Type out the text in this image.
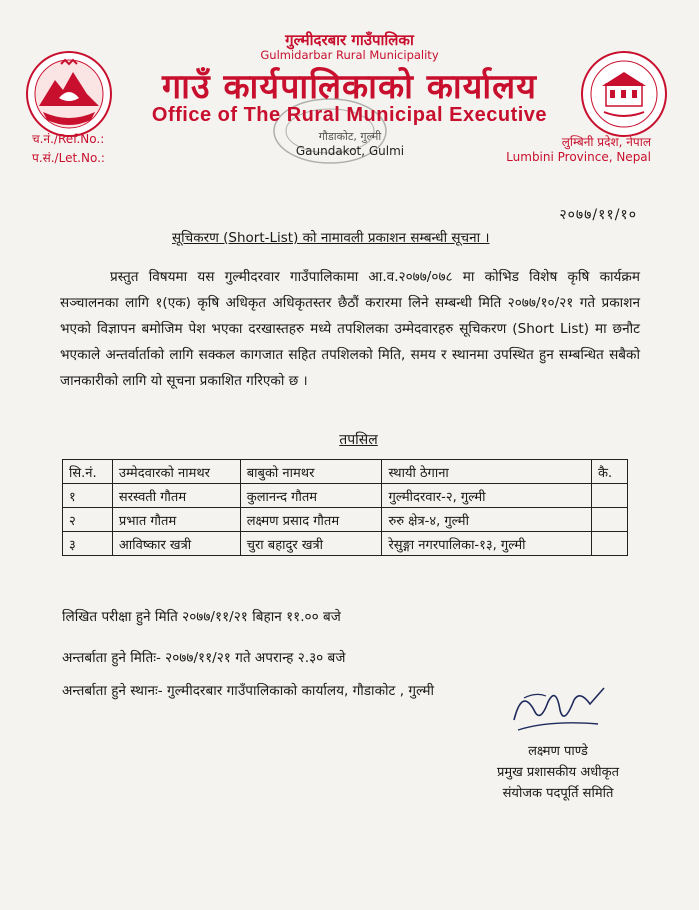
गुल्मीदरबार गाउँपालिका
Gulmidarbar Rural Municipality
गाउँ कार्यपालिकाको कार्यालय
Office of The Rural Municipal Executive
च.नं./Ref.No.:
प.सं./Let.No.:
गौडाकोट, गुल्मी
Gaundakot, Gulmi
लुम्बिनी प्रदेश, नेपाल
Lumbini Province, Nepal
२०७७/११/१०
सूचिकरण (Short-List) को नामावली प्रकाशन सम्बन्धी सूचना ।

प्रस्तुत विषयमा यस गुल्मीदरवार गाउँपालिकामा आ.व.२०७७/०७८ मा कोभिड विशेष कृषि कार्यक्रम सञ्चालनका लागि १(एक) कृषि अधिकृत अधिकृतस्तर छैठौं करारमा लिने सम्बन्धी मिति २०७७/१०/२१ गते प्रकाशन भएको विज्ञापन बमोजिम पेश भएका दरखास्तहरु मध्ये तपशिलका उम्मेदवारहरु सूचिकरण (Short List) मा छनौट भएकाले अन्तर्वार्ताको लागि सक्कल कागजात सहित तपशिलको मिति, समय र स्थानमा उपस्थित हुन सम्बन्धित सबैको जानकारीको लागि यो सूचना प्रकाशित गरिएको छ ।

तपसिल
सि.नं.	उम्मेदवारको नामथर	बाबुको नामथर	स्थायी ठेगाना	कै.
१	सरस्वती गौतम	कुलानन्द गौतम	गुल्मीदरवार-२, गुल्मी	
२	प्रभात गौतम	लक्ष्मण प्रसाद गौतम	रुरु क्षेत्र-४, गुल्मी	
३	आविष्कार खत्री	चुरा बहादुर खत्री	रेसुङ्गा नगरपालिका-१३, गुल्मी	
लिखित परीक्षा हुने मिति २०७७/११/२१ बिहान ११.०० बजे
अन्तर्बाता हुने मितिः- २०७७/११/२१ गते अपरान्ह २.३० बजे
अन्तर्बाता हुने स्थानः- गुल्मीदरबार गाउँपालिकाको कार्यालय, गौडाकोट , गुल्मी
लक्ष्मण पाण्डे
प्रमुख प्रशासकीय अधीकृत
संयोजक पदपूर्ति समिति
